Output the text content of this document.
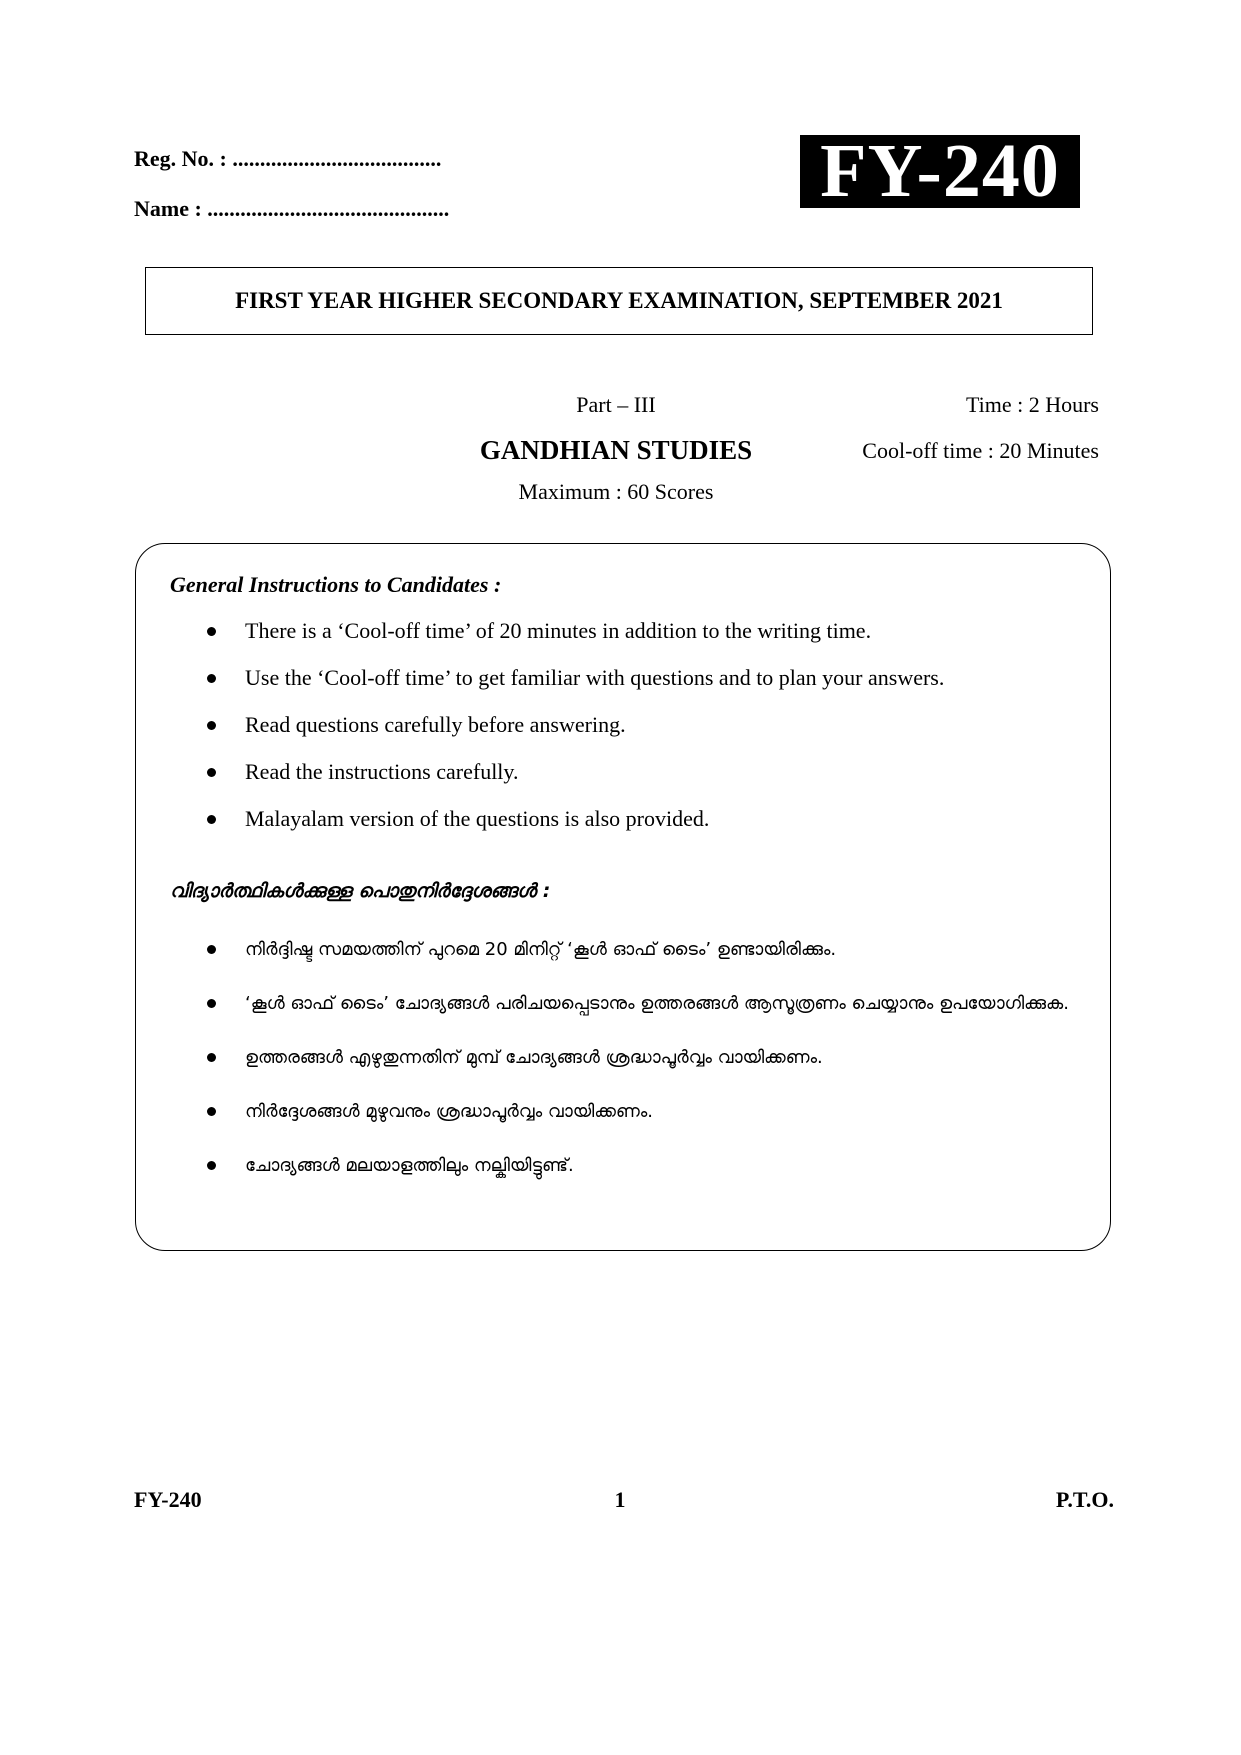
Reg. No. : ......................................
Name : ............................................	FY-240
FIRST YEAR HIGHER SECONDARY EXAMINATION, SEPTEMBER 2021
Part – III
GANDHIAN STUDIES
Maximum : 60 Scores
Time : 2 Hours
Cool-off time : 20 Minutes
General Instructions to Candidates :
There is a ‘Cool-off time’ of 20 minutes in addition to the writing time.
Use the ‘Cool-off time’ to get familiar with questions and to plan your answers.
Read questions carefully before answering.
Read the instructions carefully.
Malayalam version of the questions is also provided.
വിദ്യാർത്ഥികൾക്കുള്ള പൊതുനിർദ്ദേശങ്ങൾ :
നിർദ്ദിഷ്ട സമയത്തിന് പുറമെ 20 മിനിറ്റ് ‘കൂൾ ഓഫ് ടൈം’ ഉണ്ടായിരിക്കും.
‘കൂൾ ഓഫ് ടൈം’ ചോദ്യങ്ങൾ പരിചയപ്പെടാനും ഉത്തരങ്ങൾ ആസൂത്രണം ചെയ്യാനും ഉപയോഗിക്കുക.
ഉത്തരങ്ങൾ എഴുതുന്നതിന് മുമ്പ് ചോദ്യങ്ങൾ ശ്രദ്ധാപൂർവ്വം വായിക്കണം.
നിർദ്ദേശങ്ങൾ മുഴുവനും ശ്രദ്ധാപൂർവ്വം വായിക്കണം.
ചോദ്യങ്ങൾ മലയാളത്തിലും നല്കിയിട്ടുണ്ട്.
FY-240	1	P.T.O.
